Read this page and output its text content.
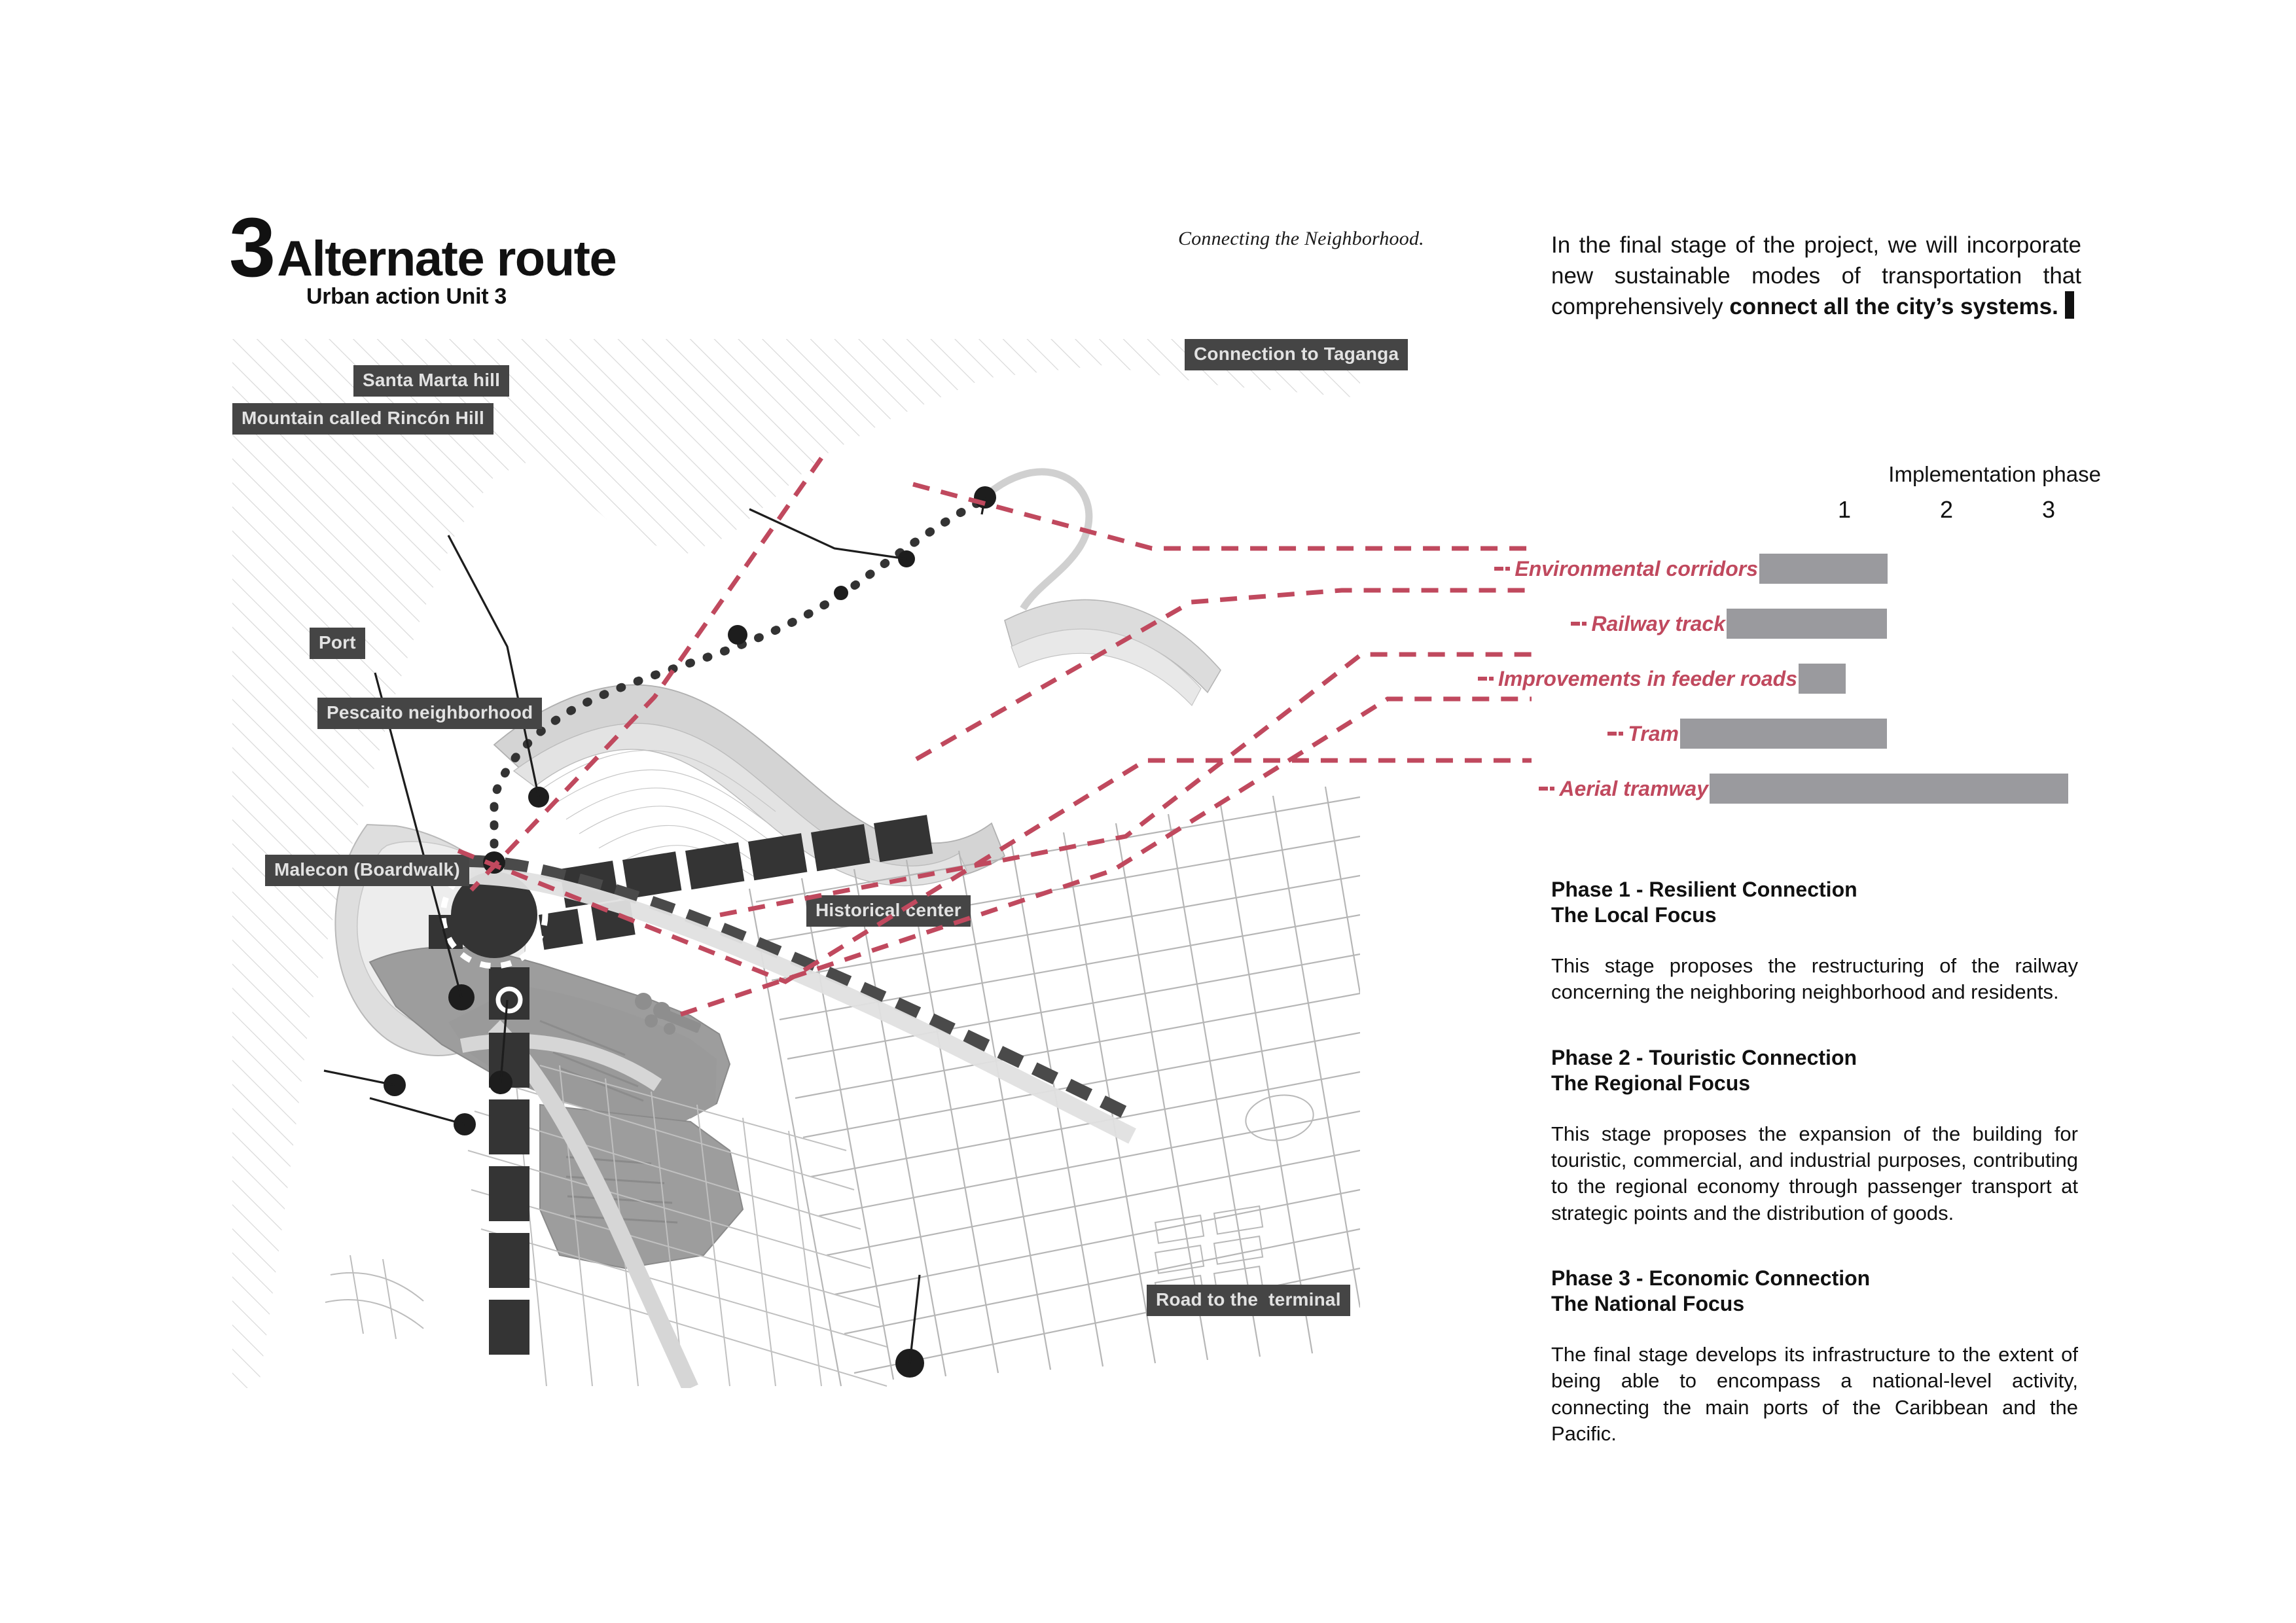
3 Alternate route
Urban action Unit 3
Connecting the Neighborhood.	In the final stage of the project, we will incorporate new sustainable modes of transportation that comprehensively connect all the city’s systems.
Santa Marta hill
Mountain called Rincón Hill
Port
Pescaito neighborhood
Connection to Taganga
Malecon (Boardwalk)
Historical center
Road to the  terminal
Implementation phase
1	2	3
Environmental corridors
Railway track
Improvements in feeder roads
Tram
Aerial tramway
Phase 1 - Resilient Connection
The Local Focus
This stage proposes the restructuring of the railway concerning the neighboring neighborhood and residents.
Phase 2 - Touristic Connection
The Regional Focus
This stage proposes the expansion of the building for touristic, commercial, and industrial purposes, contributing to the regional economy through passenger transport at strategic points and the distribution of goods.
Phase 3 - Economic Connection
The National Focus
The final stage develops its infrastructure to the extent of being able to encompass a national-level activity, connecting the main ports of the Caribbean and the Pacific.
